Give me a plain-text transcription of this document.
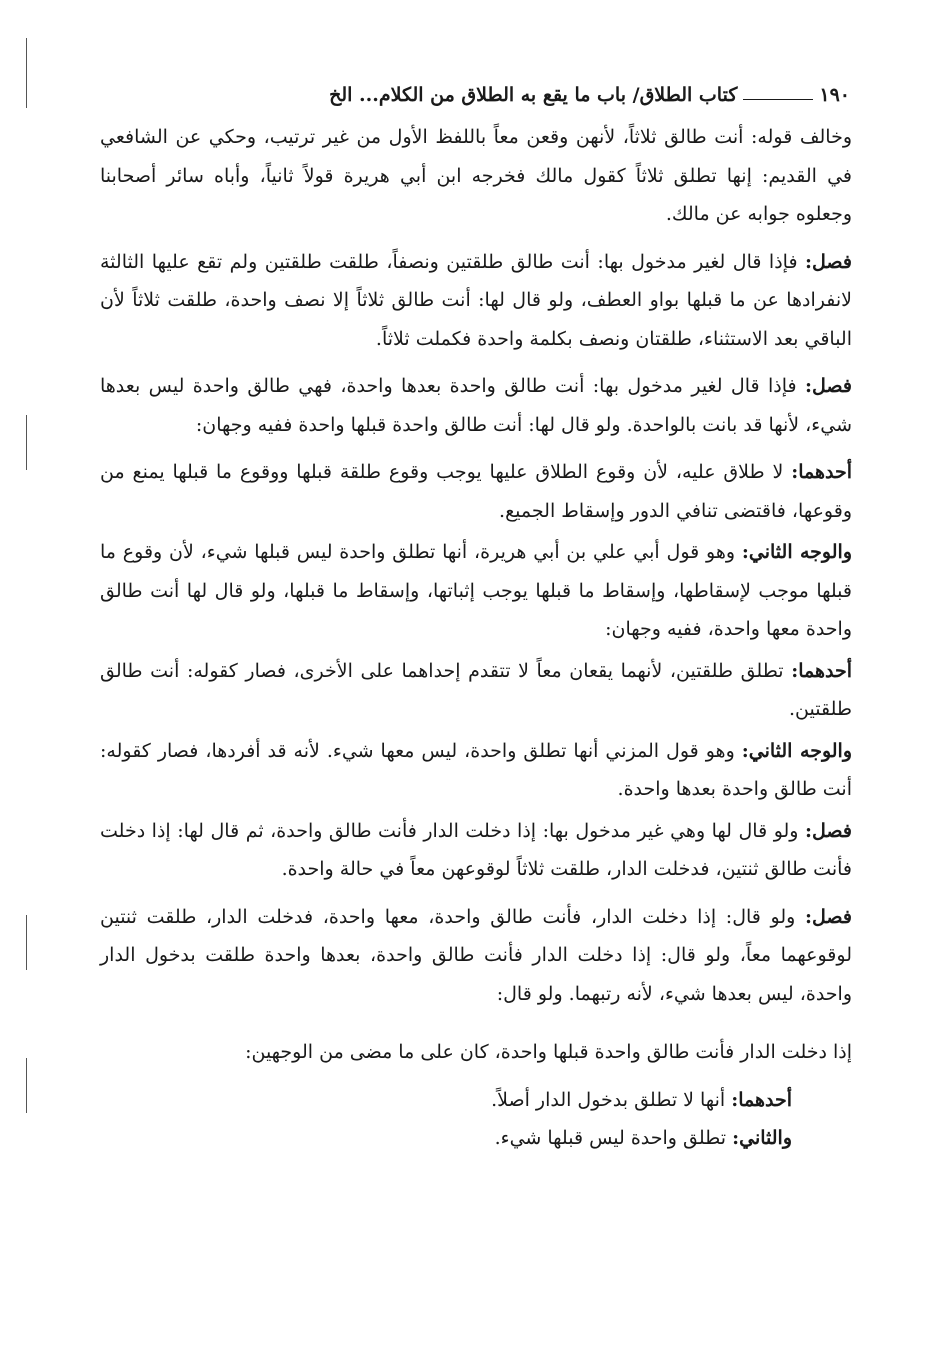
١٩٠
كتاب الطلاق/ باب ما يقع به الطلاق من الكلام... الخ

وخالف قوله: أنت طالق ثلاثاً، لأنهن وقعن معاً باللفظ الأول من غير ترتيب، وحكي عن الشافعي في القديم: إنها تطلق ثلاثاً كقول مالك فخرجه ابن أبي هريرة قولاً ثانياً، وأباه سائر أصحابنا وجعلوه جوابه عن مالك.

فصل: فإذا قال لغير مدخول بها: أنت طالق طلقتين ونصفاً، طلقت طلقتين ولم تقع عليها الثالثة لانفرادها عن ما قبلها بواو العطف، ولو قال لها: أنت طالق ثلاثاً إلا نصف واحدة، طلقت ثلاثاً لأن الباقي بعد الاستثناء، طلقتان ونصف بكلمة واحدة فكملت ثلاثاً.

فصل: فإذا قال لغير مدخول بها: أنت طالق واحدة بعدها واحدة، فهي طالق واحدة ليس بعدها شيء، لأنها قد بانت بالواحدة. ولو قال لها: أنت طالق واحدة قبلها واحدة ففيه وجهان:

أحدهما: لا طلاق عليه، لأن وقوع الطلاق عليها يوجب وقوع طلقة قبلها ووقوع ما قبلها يمنع من وقوعها، فاقتضى تنافي الدور وإسقاط الجميع.

والوجه الثاني: وهو قول أبي علي بن أبي هريرة، أنها تطلق واحدة ليس قبلها شيء، لأن وقوع ما قبلها موجب لإسقاطها، وإسقاط ما قبلها يوجب إثباتها، وإسقاط ما قبلها، ولو قال لها أنت طالق واحدة معها واحدة، ففيه وجهان:

أحدهما: تطلق طلقتين، لأنهما يقعان معاً لا تتقدم إحداهما على الأخرى، فصار كقوله: أنت طالق طلقتين.

والوجه الثاني: وهو قول المزني أنها تطلق واحدة، ليس معها شيء. لأنه قد أفردها، فصار كقوله: أنت طالق واحدة بعدها واحدة.

فصل: ولو قال لها وهي غير مدخول بها: إذا دخلت الدار فأنت طالق واحدة، ثم قال لها: إذا دخلت فأنت طالق ثنتين، فدخلت الدار، طلقت ثلاثاً لوقوعهن معاً في حالة واحدة.

فصل: ولو قال: إذا دخلت الدار، فأنت طالق واحدة، معها واحدة، فدخلت الدار، طلقت ثنتين لوقوعهما معاً، ولو قال: إذا دخلت الدار فأنت طالق واحدة، بعدها واحدة طلقت بدخول الدار واحدة، ليس بعدها شيء، لأنه رتبهما. ولو قال:

إذا دخلت الدار فأنت طالق واحدة قبلها واحدة، كان على ما مضى من الوجهين:

أحدهما: أنها لا تطلق بدخول الدار أصلاً.

والثاني: تطلق واحدة ليس قبلها شيء.
